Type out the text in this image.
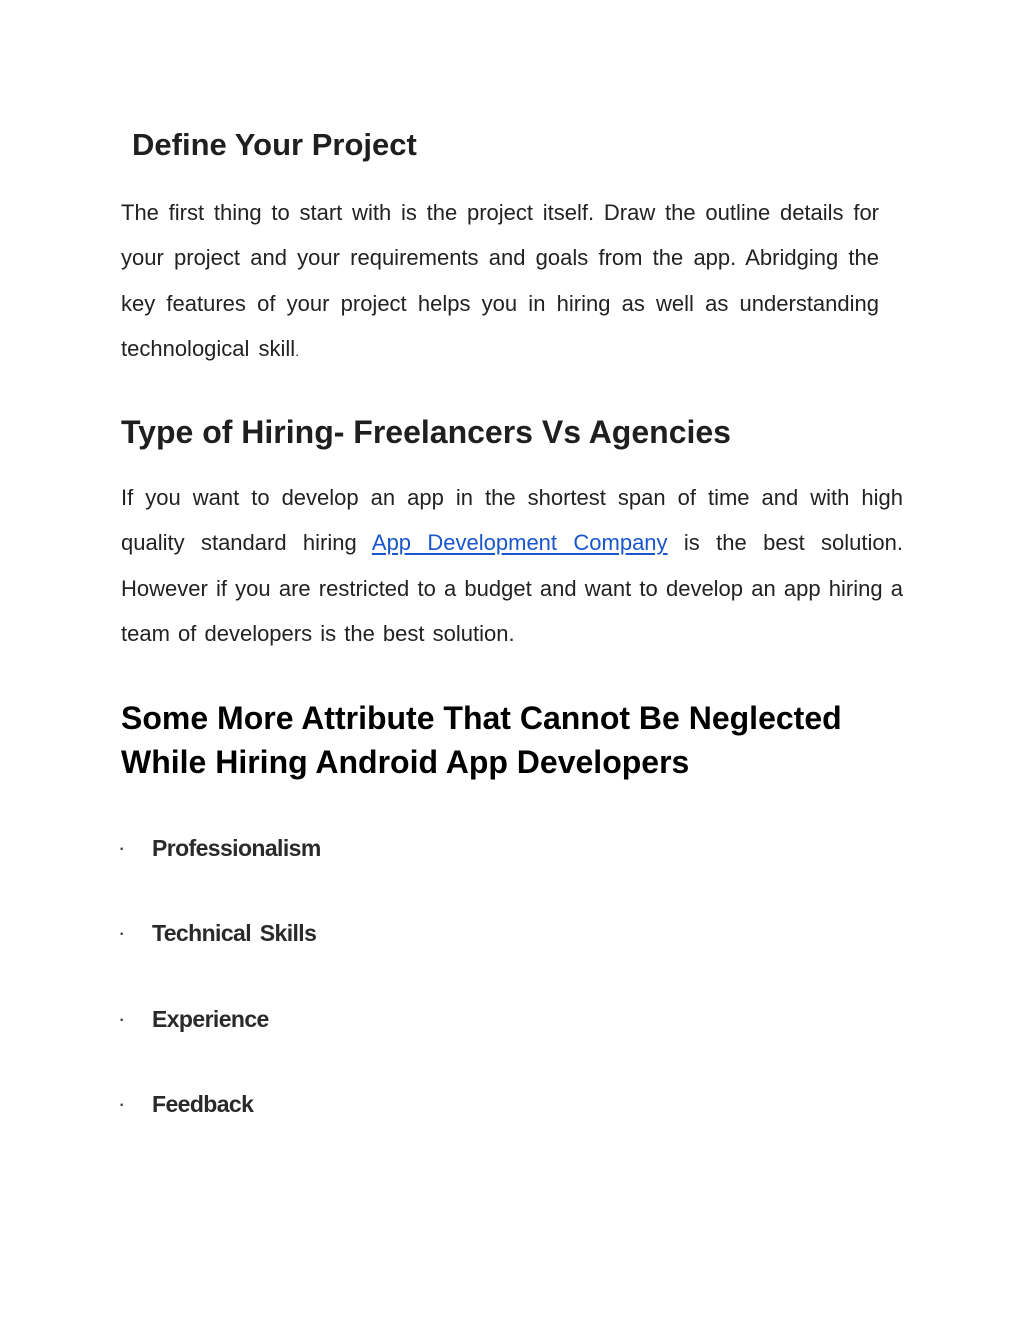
Define Your Project

The first thing to start with is the project itself. Draw the outline details for your project and your requirements and goals from the app. Abridging the key features of your project helps you in hiring as well as understanding technological skill.

Type of Hiring- Freelancers Vs Agencies

If you want to develop an app in the shortest span of time and with high quality standard hiring App Development Company is the best solution. However if you are restricted to a budget and want to develop an app hiring a team of developers is the best solution.

Some More Attribute That Cannot Be Neglected
While Hiring Android App Developers
· Professionalism
· Technical Skills
· Experience
· Feedback
